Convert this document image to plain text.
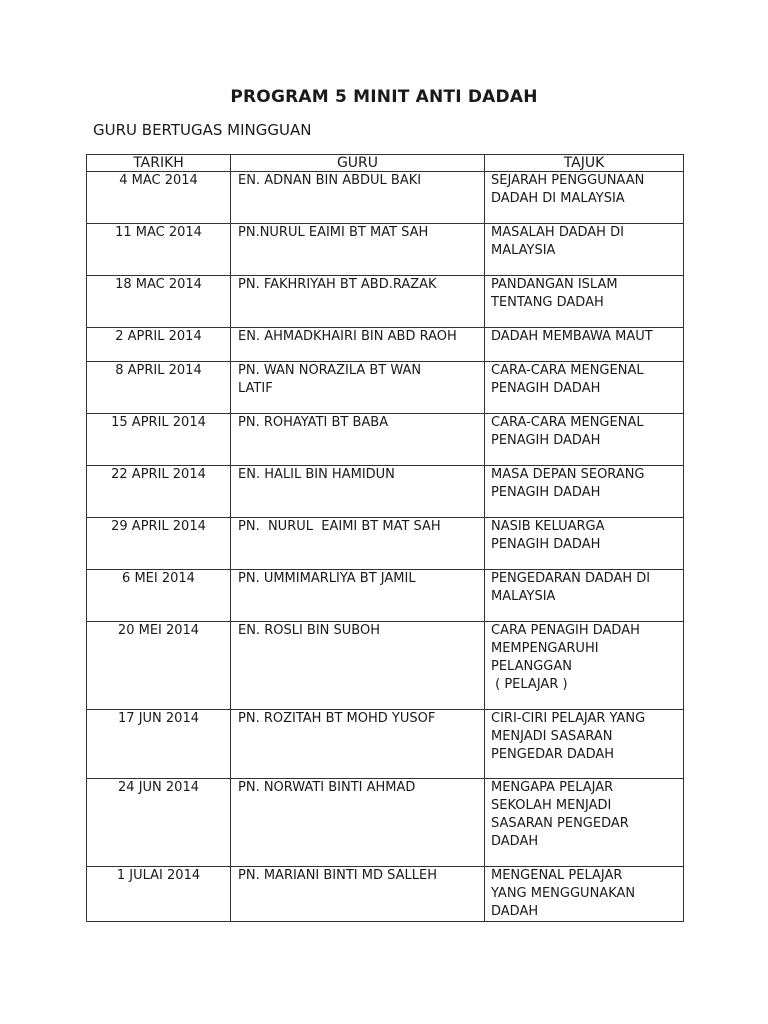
PROGRAM 5 MINIT ANTI DADAH
GURU BERTUGAS MINGGUAN
TARIKH	GURU	TAJUK
4 MAC 2014	EN. ADNAN BIN ABDUL BAKI	SEJARAH PENGGUNAAN
DADAH DI MALAYSIA

11 MAC 2014	PN.NURUL EAIMI BT MAT SAH	MASALAH DADAH DI
MALAYSIA

18 MAC 2014	PN. FAKHRIYAH BT ABD.RAZAK	PANDANGAN ISLAM
TENTANG DADAH

2 APRIL 2014	EN. AHMADKHAIRI BIN ABD RAOH	DADAH MEMBAWA MAUT

8 APRIL 2014	PN. WAN NORAZILA BT WAN
LATIF	CARA-CARA MENGENAL
PENAGIH DADAH

15 APRIL 2014	PN. ROHAYATI BT BABA	CARA-CARA MENGENAL
PENAGIH DADAH

22 APRIL 2014	EN. HALIL BIN HAMIDUN	MASA DEPAN SEORANG
PENAGIH DADAH

29 APRIL 2014	PN.  NURUL  EAIMI BT MAT SAH	NASIB KELUARGA
PENAGIH DADAH

6 MEI 2014	PN. UMMIMARLIYA BT JAMIL	PENGEDARAN DADAH DI
MALAYSIA

20 MEI 2014	EN. ROSLI BIN SUBOH	CARA PENAGIH DADAH
MEMPENGARUHI
PELANGGAN
( PELAJAR )

17 JUN 2014	PN. ROZITAH BT MOHD YUSOF	CIRI-CIRI PELAJAR YANG
MENJADI SASARAN
PENGEDAR DADAH

24 JUN 2014	PN. NORWATI BINTI AHMAD	MENGAPA PELAJAR
SEKOLAH MENJADI
SASARAN PENGEDAR
DADAH

1 JULAI 2014	PN. MARIANI BINTI MD SALLEH	MENGENAL PELAJAR
YANG MENGGUNAKAN
DADAH
